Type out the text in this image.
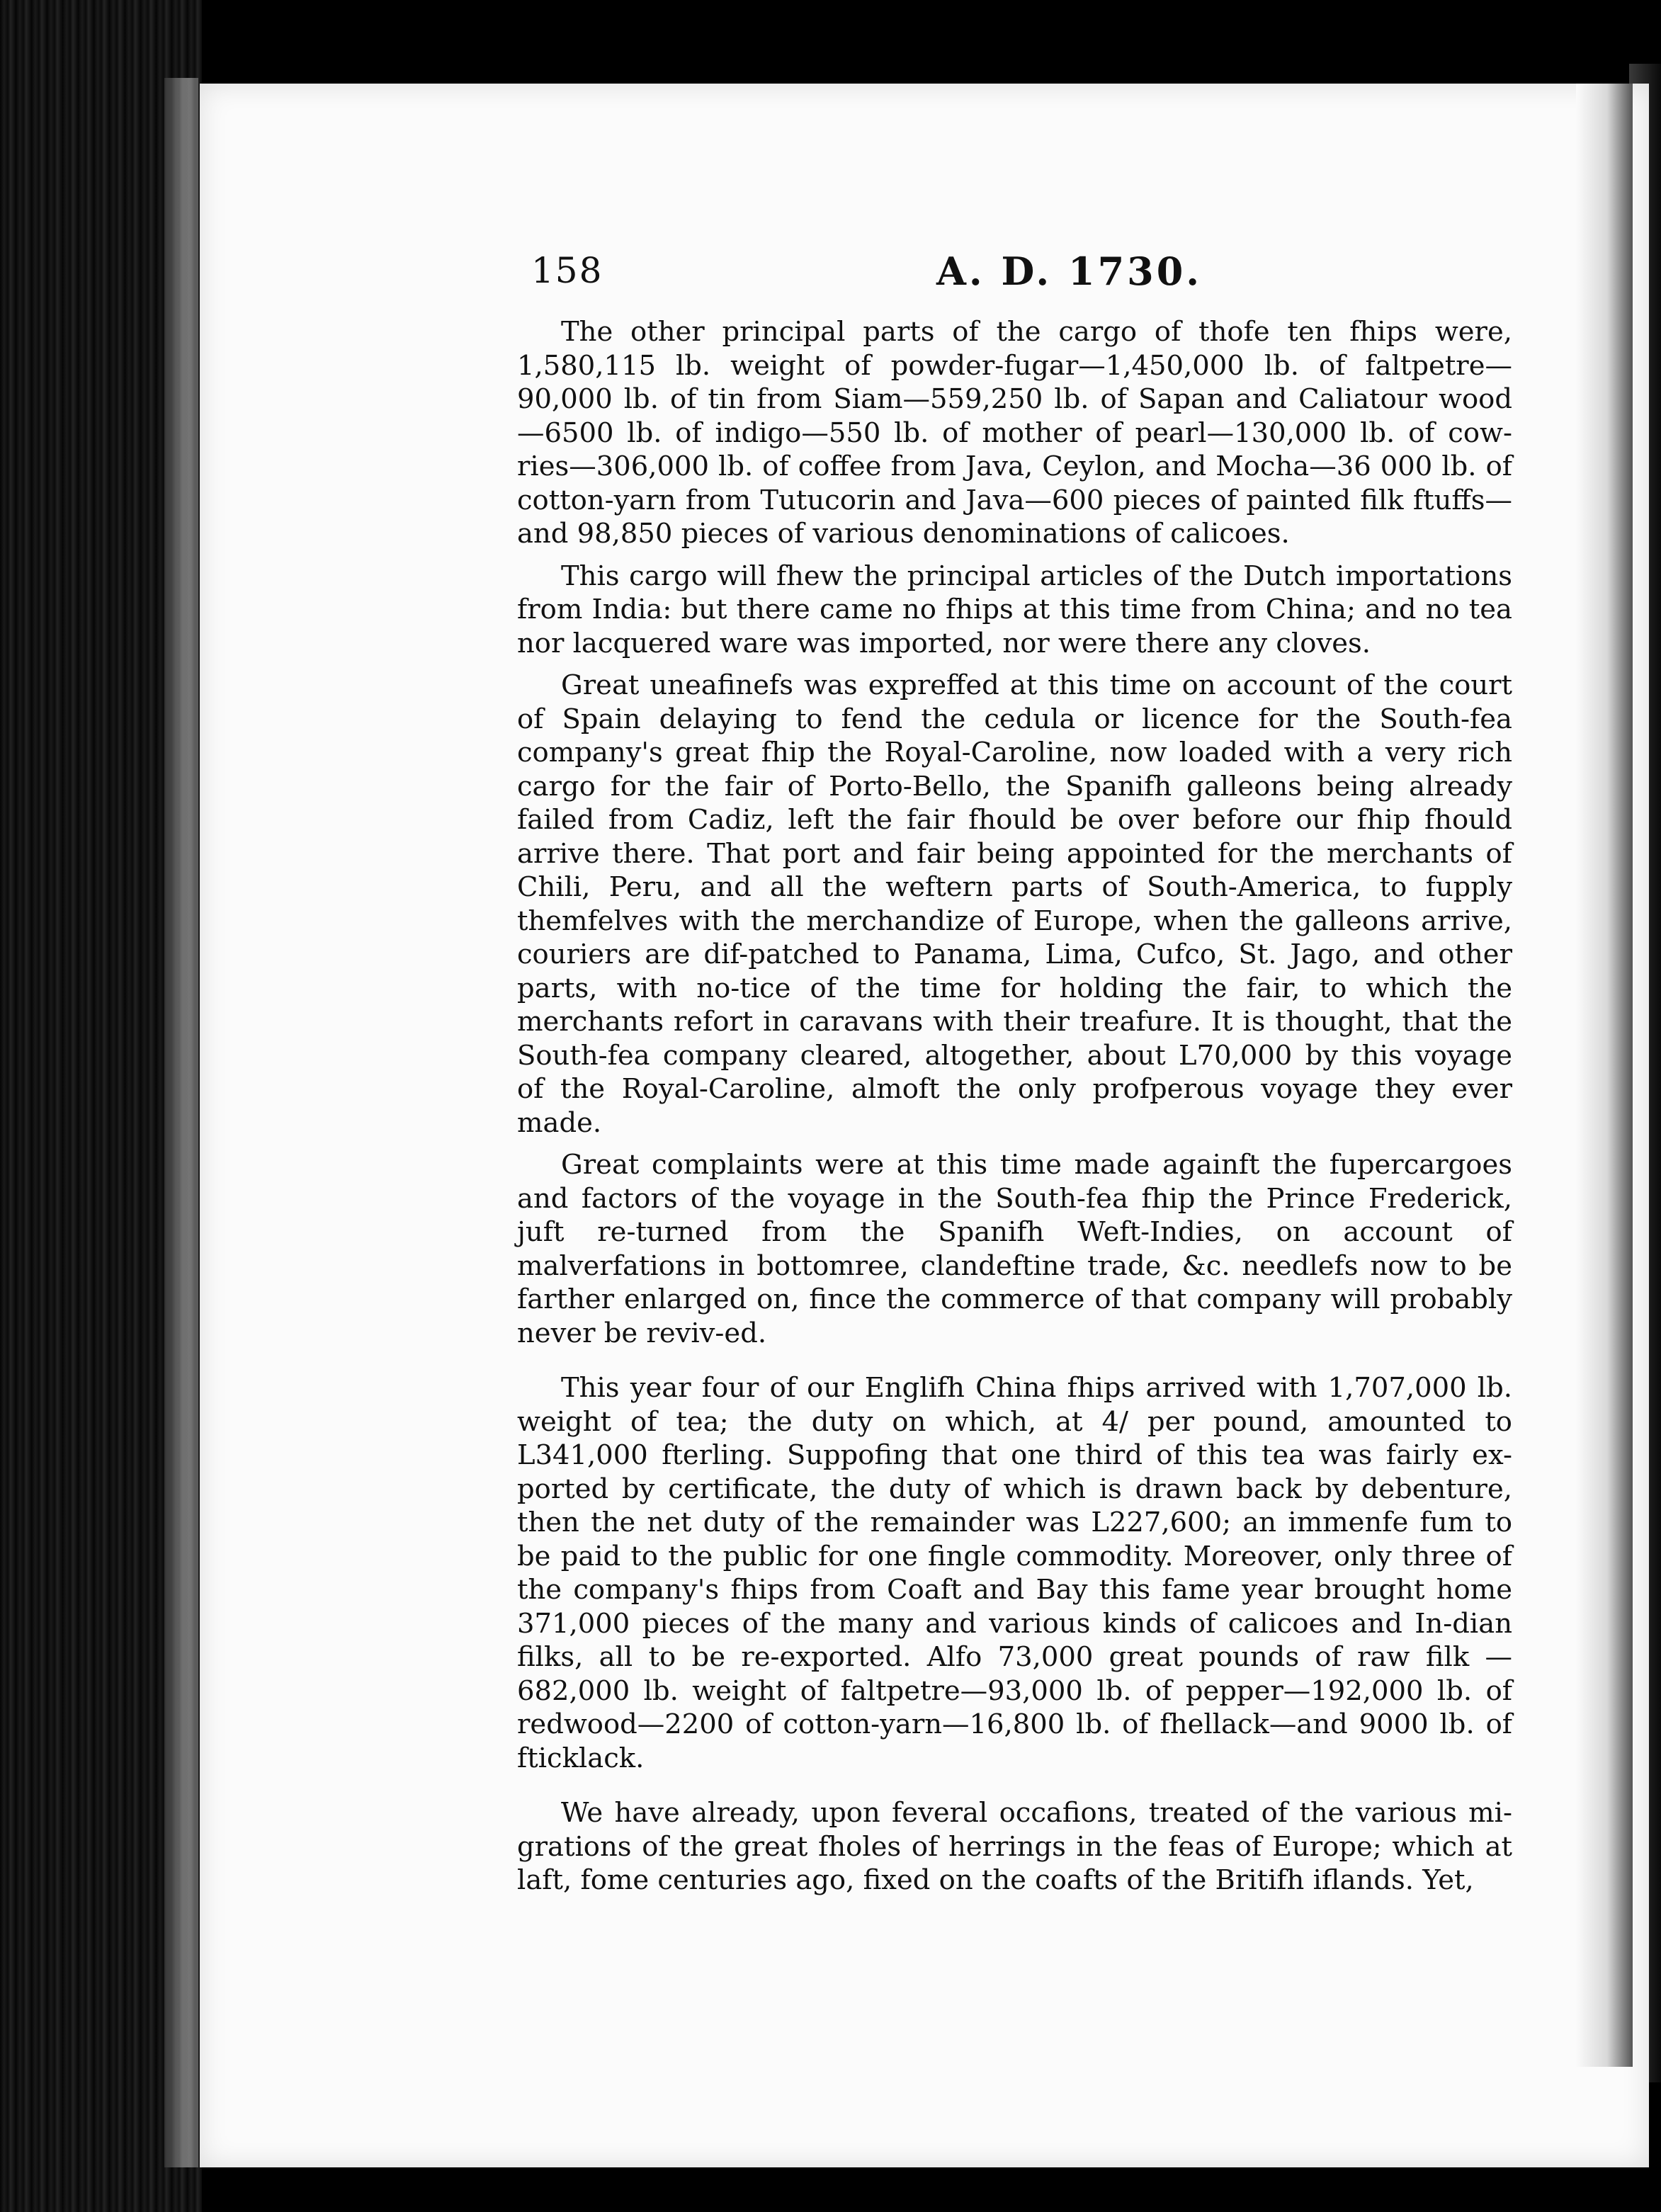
158	A. D. 1730.

The other principal parts of the cargo of thofe ten fhips were, 1,580,115 lb. weight of powder-fugar—1,450,000 lb. of faltpetre— 90,000 lb. of tin from Siam—559,250 lb. of Sapan and Caliatour wood —6500 lb. of indigo—550 lb. of mother of pearl—130,000 lb. of cow-ries—306,000 lb. of coffee from Java, Ceylon, and Mocha—36 000 lb. of cotton-yarn from Tutucorin and Java—600 pieces of painted filk ftuffs—and 98,850 pieces of various denominations of calicoes.

This cargo will fhew the principal articles of the Dutch importations from India: but there came no fhips at this time from China; and no tea nor lacquered ware was imported, nor were there any cloves.

Great uneafinefs was expreffed at this time on account of the court of Spain delaying to fend the cedula or licence for the South-fea company's great fhip the Royal-Caroline, now loaded with a very rich cargo for the fair of Porto-Bello, the Spanifh galleons being already failed from Cadiz, left the fair fhould be over before our fhip fhould arrive there. That port and fair being appointed for the merchants of Chili, Peru, and all the weftern parts of South-America, to fupply themfelves with the merchandize of Europe, when the galleons arrive, couriers are dif-patched to Panama, Lima, Cufco, St. Jago, and other parts, with no-tice of the time for holding the fair, to which the merchants refort in caravans with their treafure. It is thought, that the South-fea company cleared, altogether, about L70,000 by this voyage of the Royal-Caroline, almoft the only profperous voyage they ever made.

Great complaints were at this time made againft the fupercargoes and factors of the voyage in the South-fea fhip the Prince Frederick, juft re-turned from the Spanifh Weft-Indies, on account of malverfations in bottomree, clandeftine trade, &c. needlefs now to be farther enlarged on, fince the commerce of that company will probably never be reviv-ed.

This year four of our Englifh China fhips arrived with 1,707,000 lb. weight of tea; the duty on which, at 4/ per pound, amounted to L341,000 fterling. Suppofing that one third of this tea was fairly ex-ported by certificate, the duty of which is drawn back by debenture, then the net duty of the remainder was L227,600; an immenfe fum to be paid to the public for one fingle commodity. Moreover, only three of the company's fhips from Coaft and Bay this fame year brought home 371,000 pieces of the many and various kinds of calicoes and In-dian filks, all to be re-exported. Alfo 73,000 great pounds of raw filk —682,000 lb. weight of faltpetre—93,000 lb. of pepper—192,000 lb. of redwood—2200 of cotton-yarn—16,800 lb. of fhellack—and 9000 lb. of fticklack.

We have already, upon feveral occafions, treated of the various mi-grations of the great fholes of herrings in the feas of Europe; which at laft, fome centuries ago, fixed on the coafts of the Britifh iflands. Yet,
